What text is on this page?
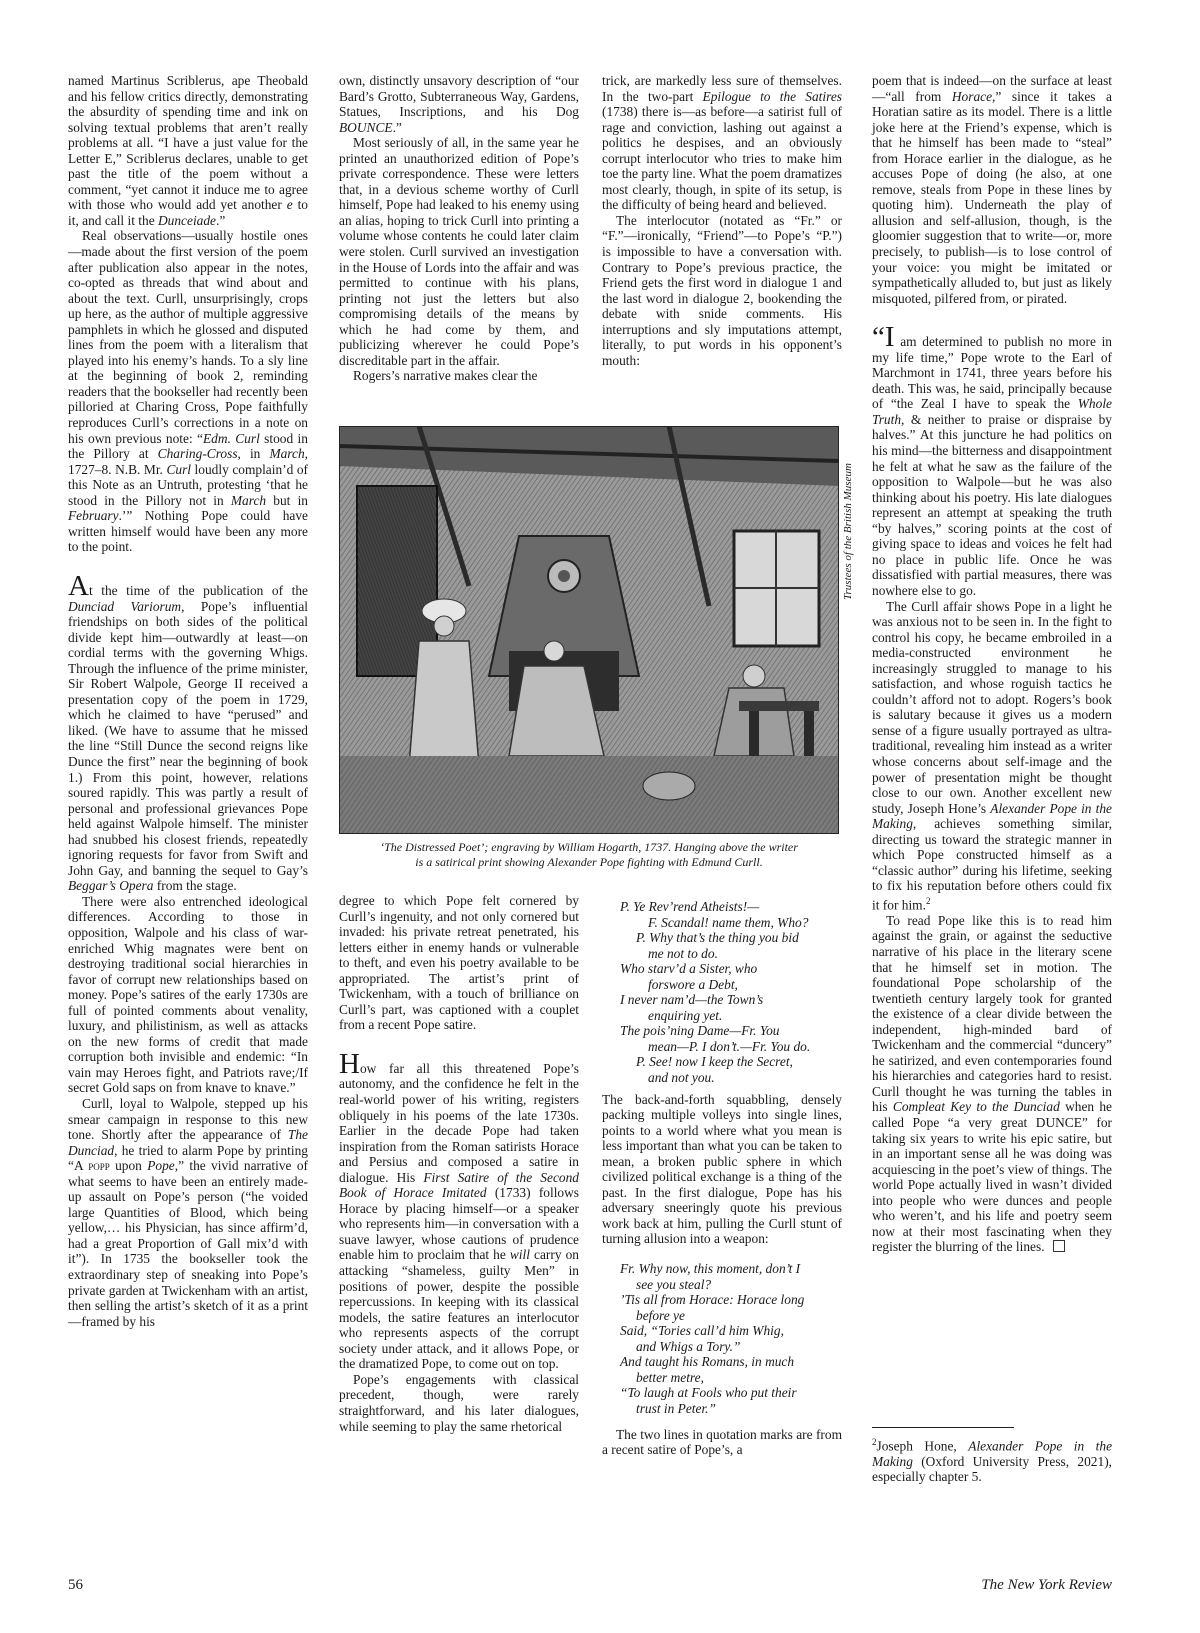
named Martinus Scriblerus, ape Theobald and his fellow critics directly, demonstrating the absurdity of spending time and ink on solving textual problems that aren’t really problems at all. “I have a just value for the Letter E,” Scriblerus declares, unable to get past the title of the poem without a comment, “yet cannot it induce me to agree with those who would add yet another e to it, and call it the Dunceiade.”

Real observations—usually hostile ones—made about the first version of the poem after publication also appear in the notes, co-opted as threads that wind about and about the text. Curll, unsurprisingly, crops up here, as the author of multiple aggressive pamphlets in which he glossed and disputed lines from the poem with a literalism that played into his enemy’s hands. To a sly line at the beginning of book 2, reminding readers that the bookseller had recently been pilloried at Charing Cross, Pope faithfully reproduces Curll’s corrections in a note on his own previous note: “Edm. Curl stood in the Pillory at Charing-Cross, in March, 1727–8. N.B. Mr. Curl loudly complain’d of this Note as an Untruth, protesting ‘that he stood in the Pillory not in March but in February.’” Nothing Pope could have written himself would have been any more to the point.

At the time of the publication of the Dunciad Variorum, Pope’s influential friendships on both sides of the political divide kept him—outwardly at least—on cordial terms with the governing Whigs. Through the influence of the prime minister, Sir Robert Walpole, George II received a presentation copy of the poem in 1729, which he claimed to have “perused” and liked. (We have to assume that he missed the line “Still Dunce the second reigns like Dunce the first” near the beginning of book 1.) From this point, however, relations soured rapidly. This was partly a result of personal and professional grievances Pope held against Walpole himself. The minister had snubbed his closest friends, repeatedly ignoring requests for favor from Swift and John Gay, and banning the sequel to Gay’s Beggar’s Opera from the stage.

There were also entrenched ideological differences. According to those in opposition, Walpole and his class of war-enriched Whig magnates were bent on destroying traditional social hierarchies in favor of corrupt new relationships based on money. Pope’s satires of the early 1730s are full of pointed comments about venality, luxury, and philistinism, as well as attacks on the new forms of credit that made corruption both invisible and endemic: “In vain may Heroes fight, and Patriots rave;/If secret Gold saps on from knave to knave.”

Curll, loyal to Walpole, stepped up his smear campaign in response to this new tone. Shortly after the appearance of The Dunciad, he tried to alarm Pope by printing “A popp upon Pope,” the vivid narrative of what seems to have been an entirely made-up assault on Pope’s person (“he voided large Quantities of Blood, which being yellow,… his Physician, has since affirm’d, had a great Proportion of Gall mix’d with it”). In 1735 the bookseller took the extraordinary step of sneaking into Pope’s private garden at Twickenham with an artist, then selling the artist’s sketch of it as a print—framed by his

own, distinctly unsavory description of “our Bard’s Grotto, Subterraneous Way, Gardens, Statues, Inscriptions, and his Dog BOUNCE.”

Most seriously of all, in the same year he printed an unauthorized edition of Pope’s private correspondence. These were letters that, in a devious scheme worthy of Curll himself, Pope had leaked to his enemy using an alias, hoping to trick Curll into printing a volume whose contents he could later claim were stolen. Curll survived an investigation in the House of Lords into the affair and was permitted to continue with his plans, printing not just the letters but also compromising details of the means by which he had come by them, and publicizing wherever he could Pope’s discreditable part in the affair.

Rogers’s narrative makes clear the

trick, are markedly less sure of themselves. In the two-part Epilogue to the Satires (1738) there is—as before—a satirist full of rage and conviction, lashing out against a politics he despises, and an obviously corrupt interlocutor who tries to make him toe the party line. What the poem dramatizes most clearly, though, in spite of its setup, is the difficulty of being heard and believed.

The interlocutor (notated as “Fr.” or “F.”—ironically, “Friend”—to Pope’s “P.”) is impossible to have a conversation with. Contrary to Pope’s previous practice, the Friend gets the first word in dialogue 1 and the last word in dialogue 2, bookending the debate with snide comments. His interruptions and sly imputations attempt, literally, to put words in his opponent’s mouth:

Trustees of the British Museum
‘The Distressed Poet’; engraving by William Hogarth, 1737. Hanging above the writer
is a satirical print showing Alexander Pope fighting with Edmund Curll.

poem that is indeed—on the surface at least—“all from Horace,” since it takes a Horatian satire as its model. There is a little joke here at the Friend’s expense, which is that he himself has been made to “steal” from Horace earlier in the dialogue, as he accuses Pope of doing (he also, at one remove, steals from Pope in these lines by quoting him). Underneath the play of allusion and self-allusion, though, is the gloomier suggestion that to write—or, more precisely, to publish—is to lose control of your voice: you might be imitated or sympathetically alluded to, but just as likely misquoted, pilfered from, or pirated.

“I am determined to publish no more in my life time,” Pope wrote to the Earl of Marchmont in 1741, three years before his death. This was, he said, principally because of “the Zeal I have to speak the Whole Truth, & neither to praise or dispraise by halves.” At this juncture he had politics on his mind—the bitterness and disappointment he felt at what he saw as the failure of the opposition to Walpole—but he was also thinking about his poetry. His late dialogues represent an attempt at speaking the truth “by halves,” scoring points at the cost of giving space to ideas and voices he felt had no place in public life. Once he was dissatisfied with partial measures, there was nowhere else to go.

The Curll affair shows Pope in a light he was anxious not to be seen in. In the fight to control his copy, he became embroiled in a media-constructed environment he increasingly struggled to manage to his satisfaction, and whose roguish tactics he couldn’t afford not to adopt. Rogers’s book is salutary because it gives us a modern sense of a figure usually portrayed as ultra-traditional, revealing him instead as a writer whose concerns about self-image and the power of presentation might be thought close to our own. Another excellent new study, Joseph Hone’s Alexander Pope in the Making, achieves something similar, directing us toward the strategic manner in which Pope constructed himself as a “classic author” during his lifetime, seeking to fix his reputation before others could fix it for him.$^2$

To read Pope like this is to read him against the grain, or against the seductive narrative of his place in the literary scene that he himself set in motion. The foundational Pope scholarship of the twentieth century largely took for granted the existence of a clear divide between the independent, high-minded bard of Twickenham and the commercial “duncery” he satirized, and even contemporaries found his hierarchies and categories hard to resist. Curll thought he was turning the tables in his Compleat Key to the Dunciad when he called Pope “a very great DUNCE” for taking six years to write his epic satire, but in an important sense all he was doing was acquiescing in the poet’s view of things. The world Pope actually lived in wasn’t divided into people who were dunces and people who weren’t, and his life and poetry seem now at their most fascinating when they register the blurring of the lines.

degree to which Pope felt cornered by Curll’s ingenuity, and not only cornered but invaded: his private retreat penetrated, his letters either in enemy hands or vulnerable to theft, and even his poetry available to be appropriated. The artist’s print of Twickenham, with a touch of brilliance on Curll’s part, was captioned with a couplet from a recent Pope satire.

How far all this threatened Pope’s autonomy, and the confidence he felt in the real-world power of his writing, registers obliquely in his poems of the late 1730s. Earlier in the decade Pope had taken inspiration from the Roman satirists Horace and Persius and composed a satire in dialogue. His First Satire of the Second Book of Horace Imitated (1733) follows Horace by placing himself—or a speaker who represents him—in conversation with a suave lawyer, whose cautions of prudence enable him to proclaim that he will carry on attacking “shameless, guilty Men” in positions of power, despite the possible repercussions. In keeping with its classical models, the satire features an interlocutor who represents aspects of the corrupt society under attack, and it allows Pope, or the dramatized Pope, to come out on top.

Pope’s engagements with classical precedent, though, were rarely straightforward, and his later dialogues, while seeming to play the same rhetorical

P. Ye Rev’rend Atheists!—
F. Scandal! name them, Who?
P. Why that’s the thing you bid
me not to do.
Who starv’d a Sister, who
forswore a Debt,
I never nam’d—the Town’s
enquiring yet.
The pois’ning Dame—Fr. You
mean—P. I don’t.—Fr. You do.
P. See! now I keep the Secret,
and not you.

The back-and-forth squabbling, densely packing multiple volleys into single lines, points to a world where what you mean is less important than what you can be taken to mean, a broken public sphere in which civilized political exchange is a thing of the past. In the first dialogue, Pope has his adversary sneeringly quote his previous work back at him, pulling the Curll stunt of turning allusion into a weapon:

Fr. Why now, this moment, don’t I
see you steal?
’Tis all from Horace: Horace long
before ye
Said, “Tories call’d him Whig,
and Whigs a Tory.”
And taught his Romans, in much
better metre,
“To laugh at Fools who put their
trust in Peter.”

The two lines in quotation marks are from a recent satire of Pope’s, a

$^2$Joseph Hone, Alexander Pope in the Making (Oxford University Press, 2021), especially chapter 5.
56	The New York Review
